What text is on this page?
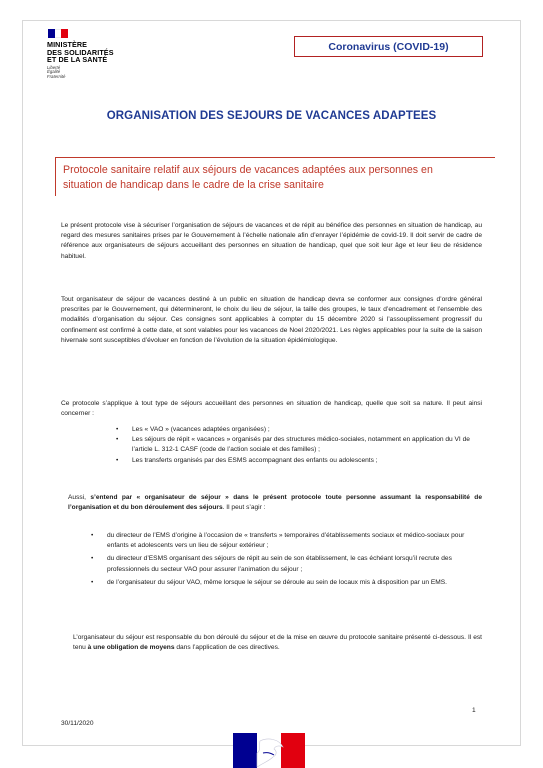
MINISTÈRE
DES SOLIDARITÉS
ET DE LA SANTÉ
Liberté
Égalité
Fraternité
Coronavirus (COVID-19)
ORGANISATION DES SEJOURS DE VACANCES ADAPTEES
Protocole sanitaire relatif aux séjours de vacances adaptées aux personnes en
situation de handicap dans le cadre de la crise sanitaire

Le présent protocole vise à sécuriser l’organisation de séjours de vacances et de répit au bénéfice des personnes en situation de handicap, au regard des mesures sanitaires prises par le Gouvernement à l’échelle nationale afin d’enrayer l’épidémie de covid-19. Il doit servir de cadre de référence aux organisateurs de séjours accueillant des personnes en situation de handicap, quel que soit leur âge et leur lieu de résidence habituel.

Tout organisateur de séjour de vacances destiné à un public en situation de handicap devra se conformer aux consignes d’ordre général prescrites par le Gouvernement, qui détermineront, le choix du lieu de séjour, la taille des groupes, le taux d’encadrement et l’ensemble des modalités d’organisation du séjour. Ces consignes sont applicables à compter du 15 décembre 2020 si l’assouplissement progressif du confinement est confirmé à cette date, et sont valables pour les vacances de Noel 2020/2021. Les règles applicables pour la suite de la saison hivernale sont susceptibles d’évoluer en fonction de l’évolution de la situation épidémiologique.

Ce protocole s’applique à tout type de séjours accueillant des personnes en situation de handicap, quelle que soit sa nature. Il peut ainsi concerner :

• Les « VAO » (vacances adaptées organisées) ;
• Les séjours de répit « vacances » organisés par des structures médico-sociales, notamment en application du VI de l’article L. 312-1 CASF (code de l’action sociale et des familles) ;
• Les transferts organisés par des ESMS accompagnant des enfants ou adolescents ;

Aussi, s’entend par « organisateur de séjour » dans le présent protocole toute personne assumant la responsabilité de l’organisation et du bon déroulement des séjours. Il peut s’agir :

• du directeur de l’EMS d’origine à l’occasion de « transferts » temporaires d’établissements sociaux et médico-sociaux pour enfants et adolescents vers un lieu de séjour extérieur ;
• du directeur d’ESMS organisant des séjours de répit au sein de son établissement, le cas échéant lorsqu’il recrute des professionnels du secteur VAO pour assurer l’animation du séjour ;
• de l’organisateur du séjour VAO, même lorsque le séjour se déroule au sein de locaux mis à disposition par un EMS.

L’organisateur du séjour est responsable du bon déroulé du séjour et de la mise en œuvre du protocole sanitaire présenté ci-dessous. Il est tenu à une obligation de moyens dans l’application de ces directives.

1
30/11/2020
